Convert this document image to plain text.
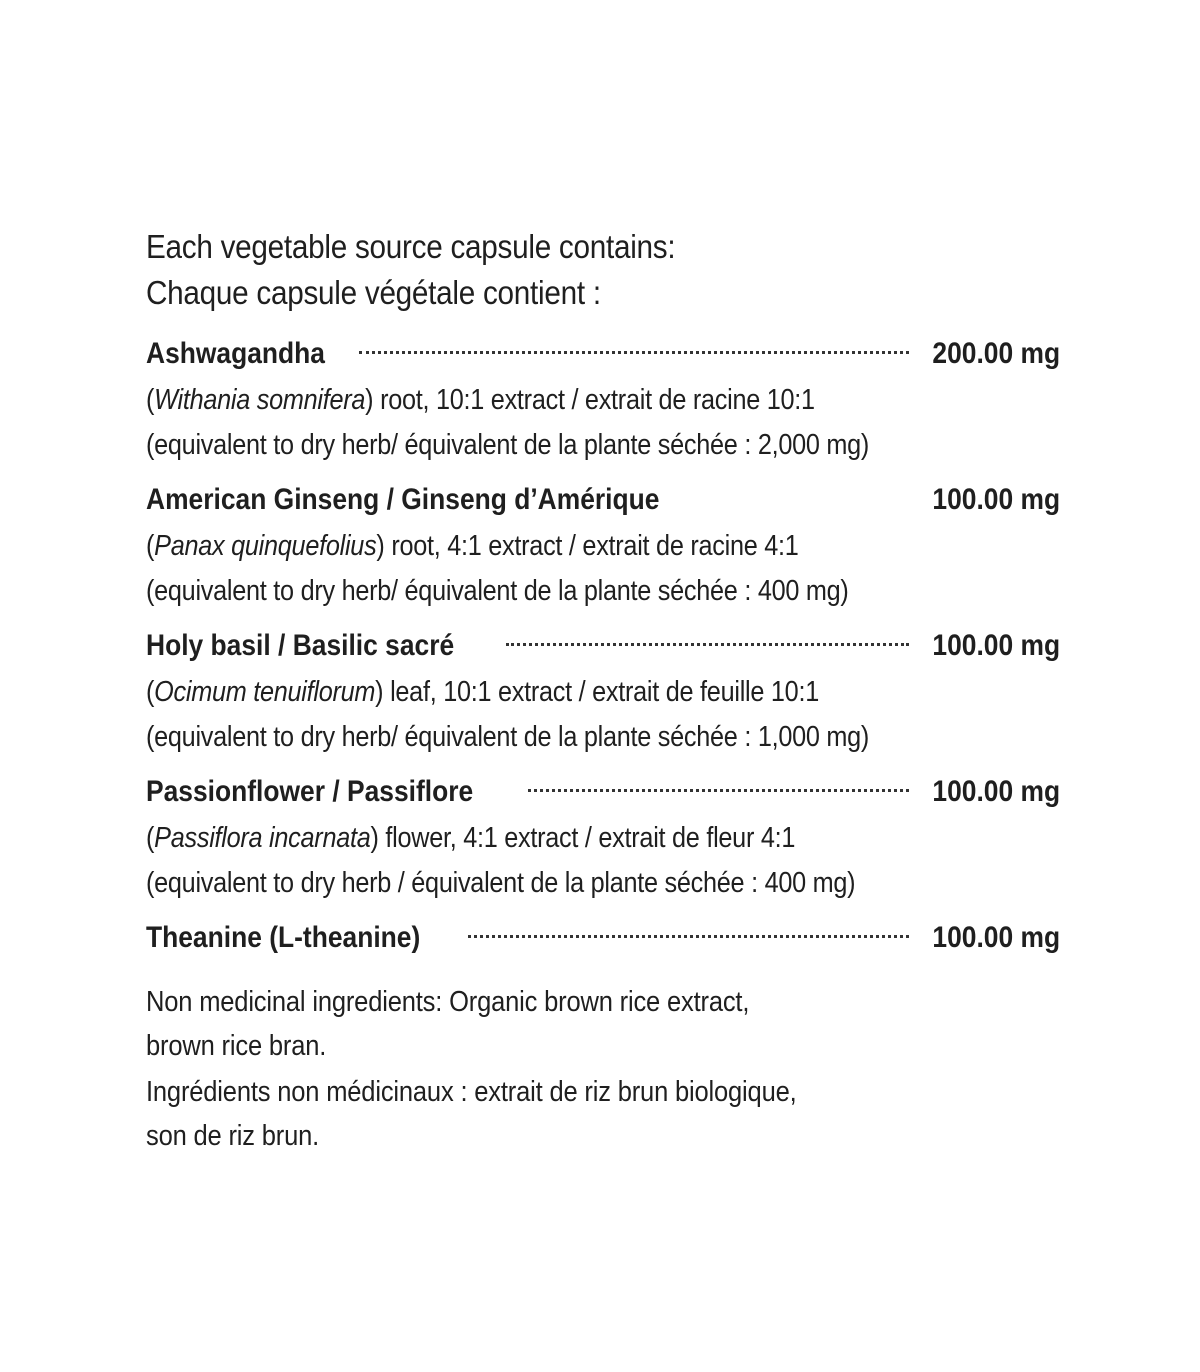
Each vegetable source capsule contains:
Chaque capsule végétale contient :
Ashwagandha	200.00 mg
(Withania somnifera) root, 10:1 extract / extrait de racine 10:1
(equivalent to dry herb/ équivalent de la plante séchée : 2,000 mg)
American Ginseng / Ginseng d’Amérique	100.00 mg
(Panax quinquefolius) root, 4:1 extract / extrait de racine 4:1
(equivalent to dry herb/ équivalent de la plante séchée : 400 mg)
Holy basil / Basilic sacré	100.00 mg
(Ocimum tenuiflorum) leaf, 10:1 extract / extrait de feuille 10:1
(equivalent to dry herb/ équivalent de la plante séchée : 1,000 mg)
Passionflower / Passiflore	100.00 mg
(Passiflora incarnata) flower, 4:1 extract / extrait de fleur 4:1
(equivalent to dry herb / équivalent de la plante séchée : 400 mg)
Theanine (L-theanine)	100.00 mg
Non medicinal ingredients: Organic brown rice extract,
brown rice bran.
Ingrédients non médicinaux : extrait de riz brun biologique,
son de riz brun.
